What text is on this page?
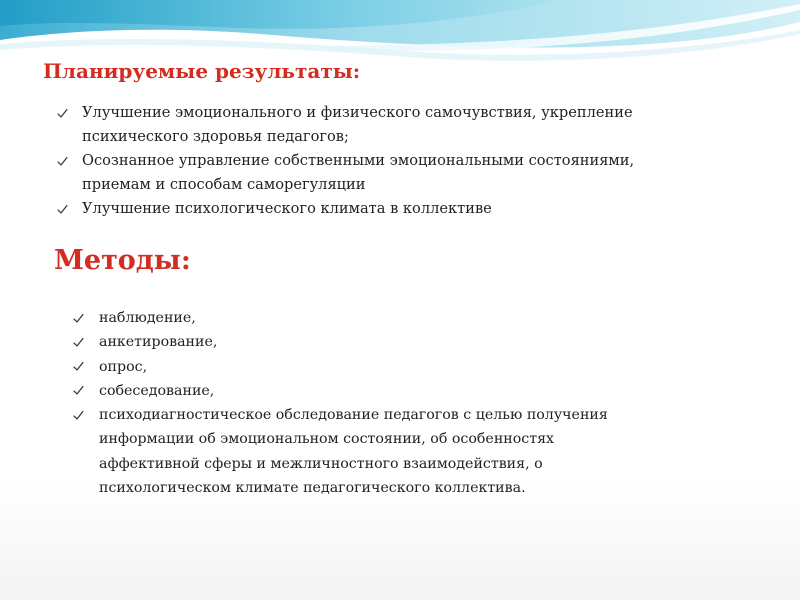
Планируемые результаты:
Улучшение эмоционального и физического самочувствия, укрепление
психического здоровья педагогов;
Осознанное управление собственными эмоциональными состояниями,
приемам и способам саморегуляции
Улучшение психологического климата в коллективе
Методы:
наблюдение,
анкетирование,
опрос,
собеседование,
психодиагностическое обследование педагогов с целью получения
информации об эмоциональном состоянии, об особенностях
аффективной сферы и межличностного взаимодействия, о
психологическом климате педагогического коллектива.
